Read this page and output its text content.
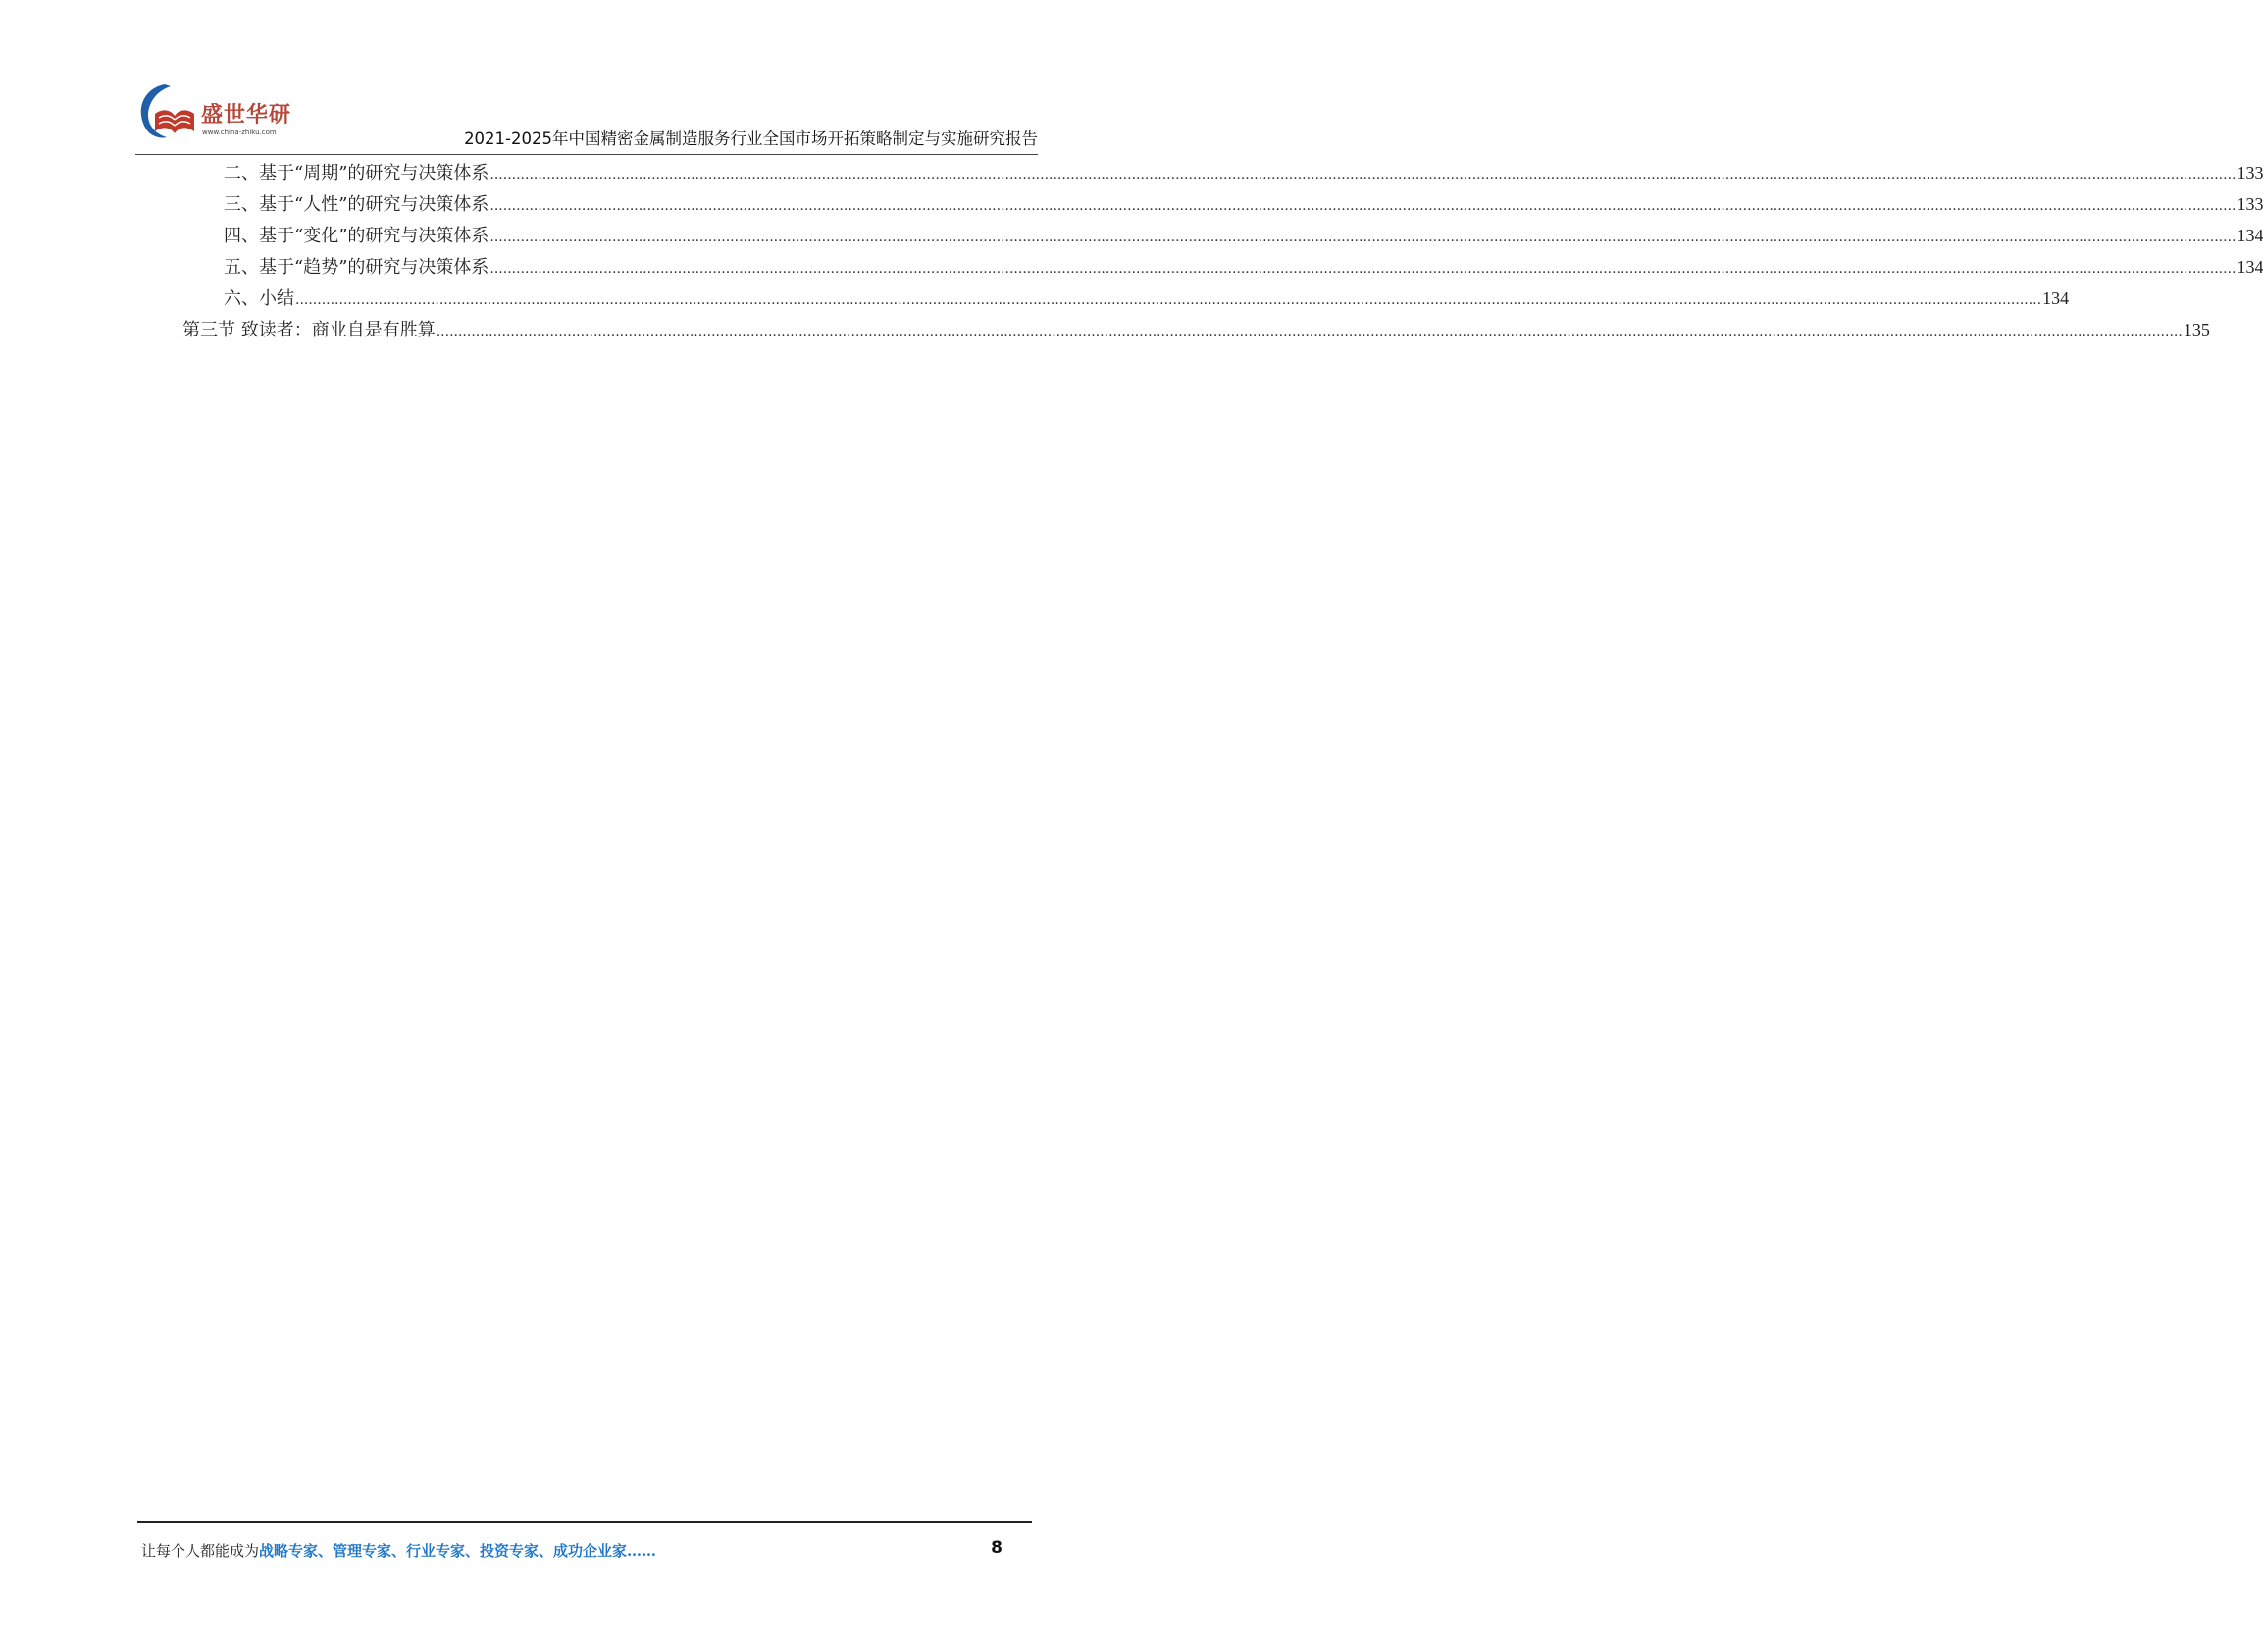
盛世华研
www.china-zhiku.com	2021-2025年中国精密金属制造服务行业全国市场开拓策略制定与实施研究报告
二、基于“周期”的研究与决策体系 ................................................................................................................................................................................................................................................................................................................................................................................................................ 133
三、基于“人性”的研究与决策体系 ................................................................................................................................................................................................................................................................................................................................................................................................................ 133
四、基于“变化”的研究与决策体系 ................................................................................................................................................................................................................................................................................................................................................................................................................ 134
五、基于“趋势”的研究与决策体系 ................................................................................................................................................................................................................................................................................................................................................................................................................ 134
六、小结 ................................................................................................................................................................................................................................................................................................................................................................................................................ 134
第三节 致读者：商业自是有胜算 ................................................................................................................................................................................................................................................................................................................................................................................................................ 135
让每个人都能成为战略专家、管理专家、行业专家、投资专家、成功企业家……	8
